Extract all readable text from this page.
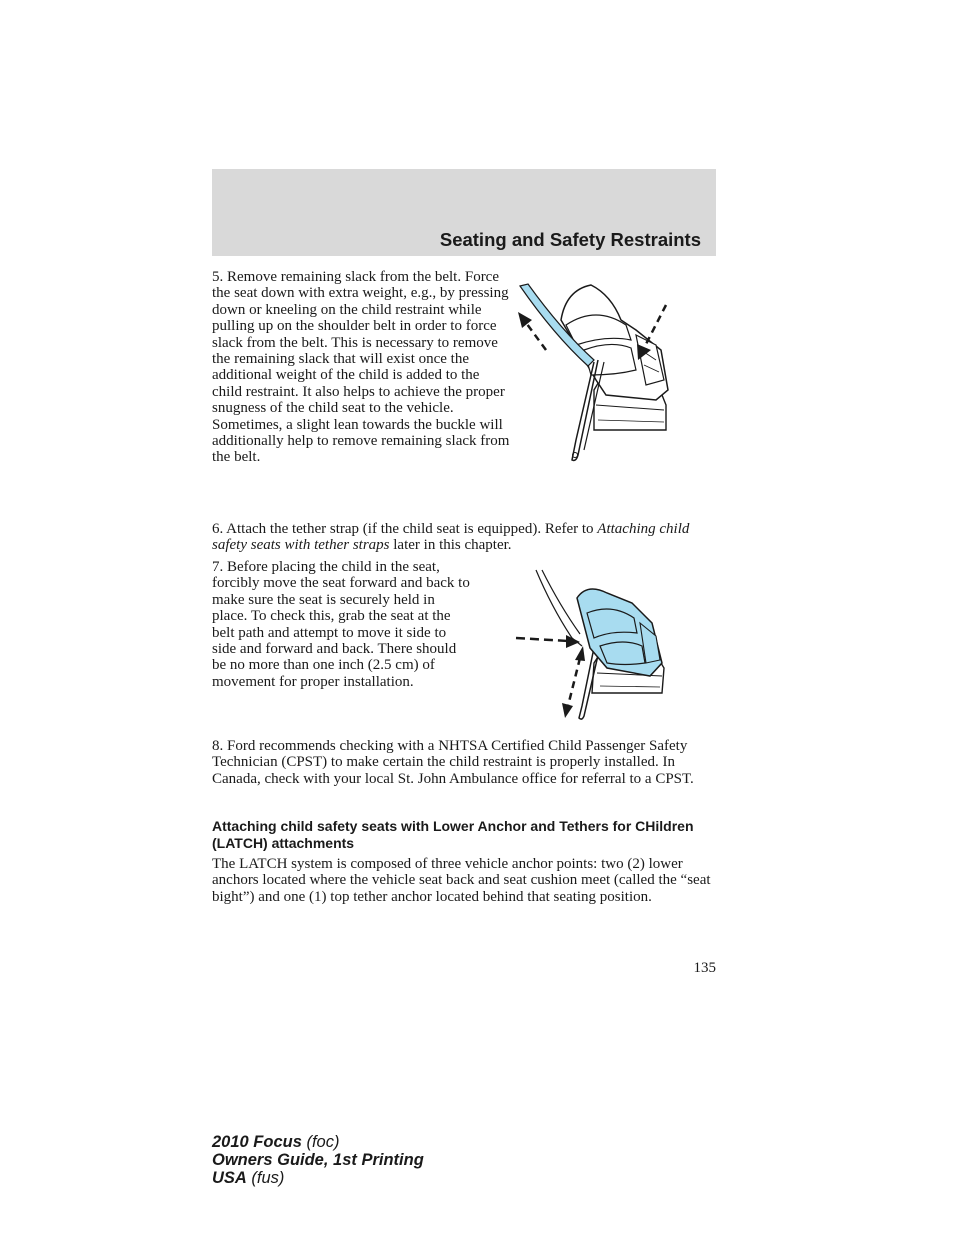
Seating and Safety Restraints

5. Remove remaining slack from the belt. Force the seat down with extra weight, e.g., by pressing down or kneeling on the child restraint while pulling up on the shoulder belt in order to force slack from the belt. This is necessary to remove the remaining slack that will exist once the additional weight of the child is added to the child restraint. It also helps to achieve the proper snugness of the child seat to the vehicle. Sometimes, a slight lean towards the buckle will additionally help to remove remaining slack from the belt.

6. Attach the tether strap (if the child seat is equipped). Refer to Attaching child safety seats with tether straps later in this chapter.

7. Before placing the child in the seat, forcibly move the seat forward and back to make sure the seat is securely held in place. To check this, grab the seat at the belt path and attempt to move it side to side and forward and back. There should be no more than one inch (2.5 cm) of movement for proper installation.

8. Ford recommends checking with a NHTSA Certified Child Passenger Safety Technician (CPST) to make certain the child restraint is properly installed. In Canada, check with your local St. John Ambulance office for referral to a CPST.

Attaching child safety seats with Lower Anchor and Tethers for CHildren (LATCH) attachments

The LATCH system is composed of three vehicle anchor points: two (2) lower anchors located where the vehicle seat back and seat cushion meet (called the “seat bight”) and one (1) top tether anchor located behind that seating position.

135

2010 Focus (foc)
Owners Guide, 1st Printing
USA (fus)
